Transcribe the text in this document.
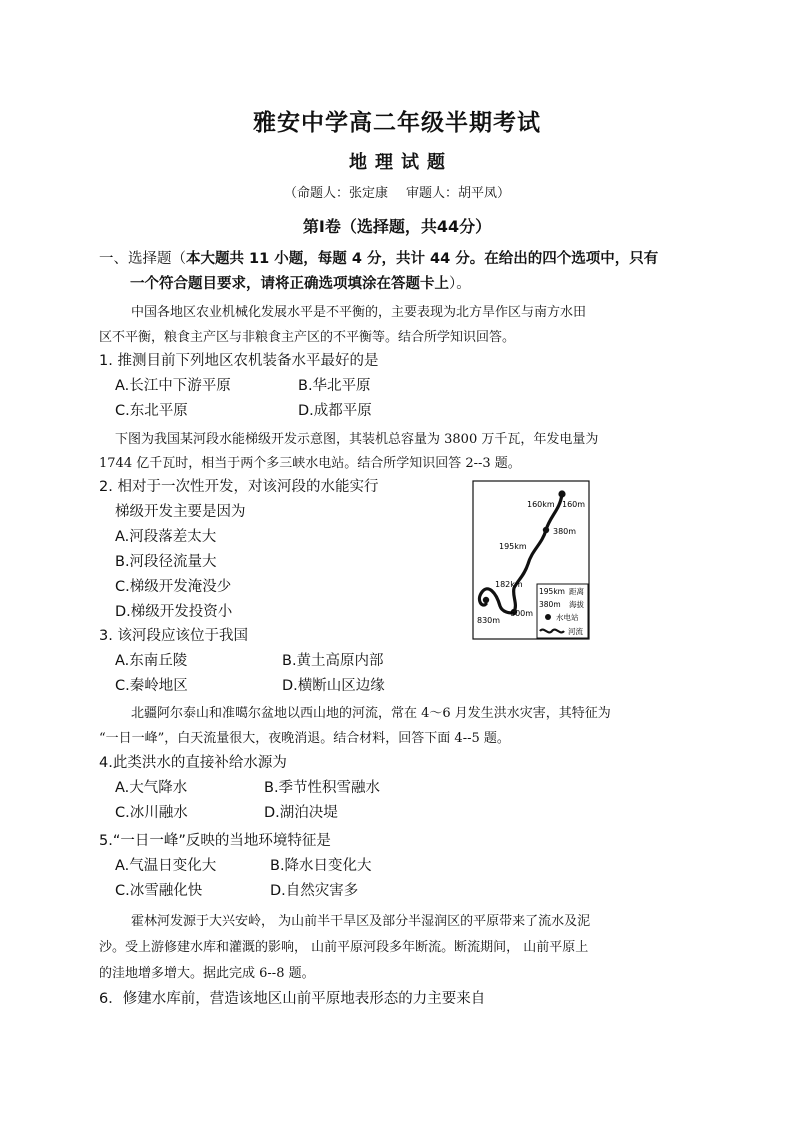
雅安中学高二年级半期考试
地 理 试 题
（命题人：张定康 审题人：胡平凤）
第Ⅰ卷（选择题，共44分）
一、选择题（本大题共 11 小题，每题 4 分，共计 44 分。在给出的四个选项中，只有
一个符合题目要求，请将正确选项填涂在答题卡上）。
中国各地区农业机械化发展水平是不平衡的，主要表现为北方旱作区与南方水田
区不平衡，粮食主产区与非粮食主产区的不平衡等。结合所学知识回答。
1. 推测目前下列地区农机装备水平最好的是
A.长江中下游平原	B.华北平原
C.东北平原	D.成都平原
下图为我国某河段水能梯级开发示意图，其装机总容量为 3800 万千瓦，年发电量为
1744 亿千瓦时，相当于两个多三峡水电站。结合所学知识回答 2--3 题。
2. 相对于一次性开发，对该河段的水能实行
梯级开发主要是因为
A.河段落差太大
B.河段径流量大
C.梯级开发淹没少
D.梯级开发投资小
160km 160m
380m
195km
182km
830m
600m
195km 距离
380m 海拔
水电站
河流
3. 该河段应该位于我国
A.东南丘陵	B.黄土高原内部
C.秦岭地区	D.横断山区边缘
北疆阿尔泰山和准噶尔盆地以西山地的河流，常在 4～6 月发生洪水灾害，其特征为
“一日一峰”，白天流量很大，夜晚消退。结合材料，回答下面 4--5 题。
4.此类洪水的直接补给水源为
A.大气降水	B.季节性积雪融水
C.冰川融水	D.湖泊决堤
5.“一日一峰”反映的当地环境特征是
A.气温日变化大	B.降水日变化大
C.冰雪融化快	D.自然灾害多
霍林河发源于大兴安岭， 为山前半干旱区及部分半湿润区的平原带来了流水及泥
沙。受上游修建水库和灌溉的影响， 山前平原河段多年断流。断流期间， 山前平原上
的洼地增多增大。据此完成 6--8 题。
6．修建水库前，营造该地区山前平原地表形态的力主要来自
